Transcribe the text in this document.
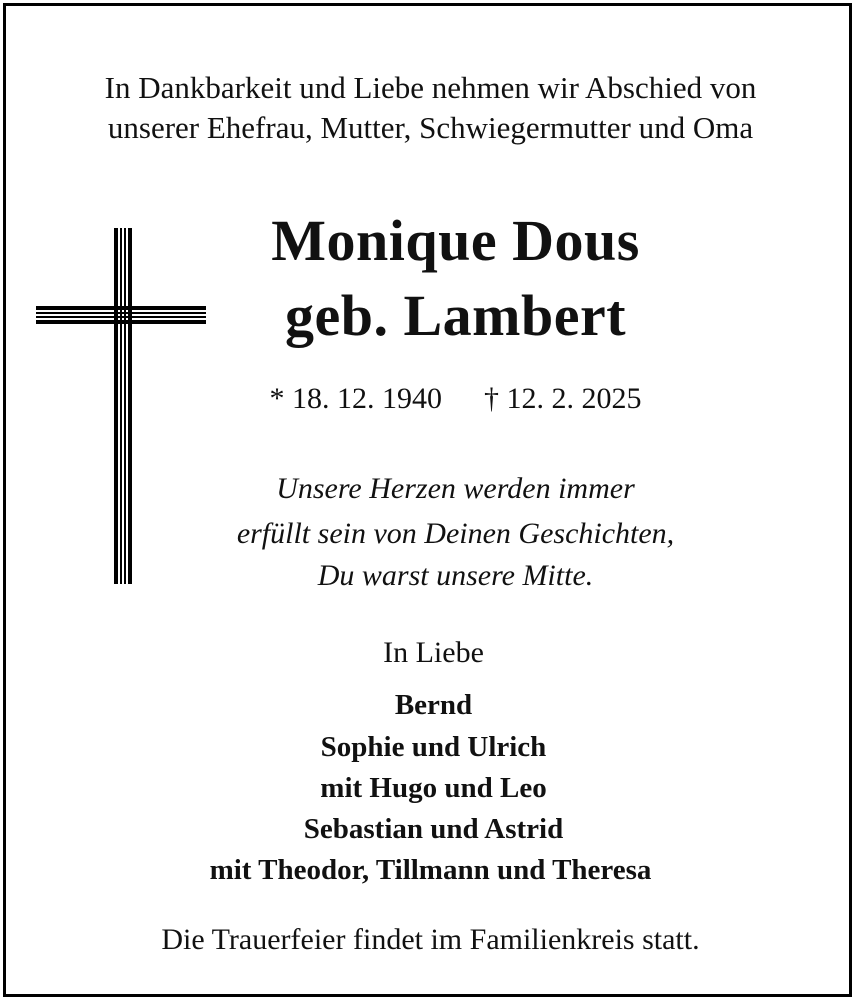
In Dankbarkeit und Liebe nehmen wir Abschied von
unserer Ehefrau, Mutter, Schwiegermutter und Oma
Monique Dous
geb. Lambert
* 18. 12. 1940 † 12. 2. 2025
Unsere Herzen werden immer
erfüllt sein von Deinen Geschichten,
Du warst unsere Mitte.
In Liebe
Bernd
Sophie und Ulrich
mit Hugo und Leo
Sebastian und Astrid
mit Theodor, Tillmann und Theresa
Die Trauerfeier findet im Familienkreis statt.
